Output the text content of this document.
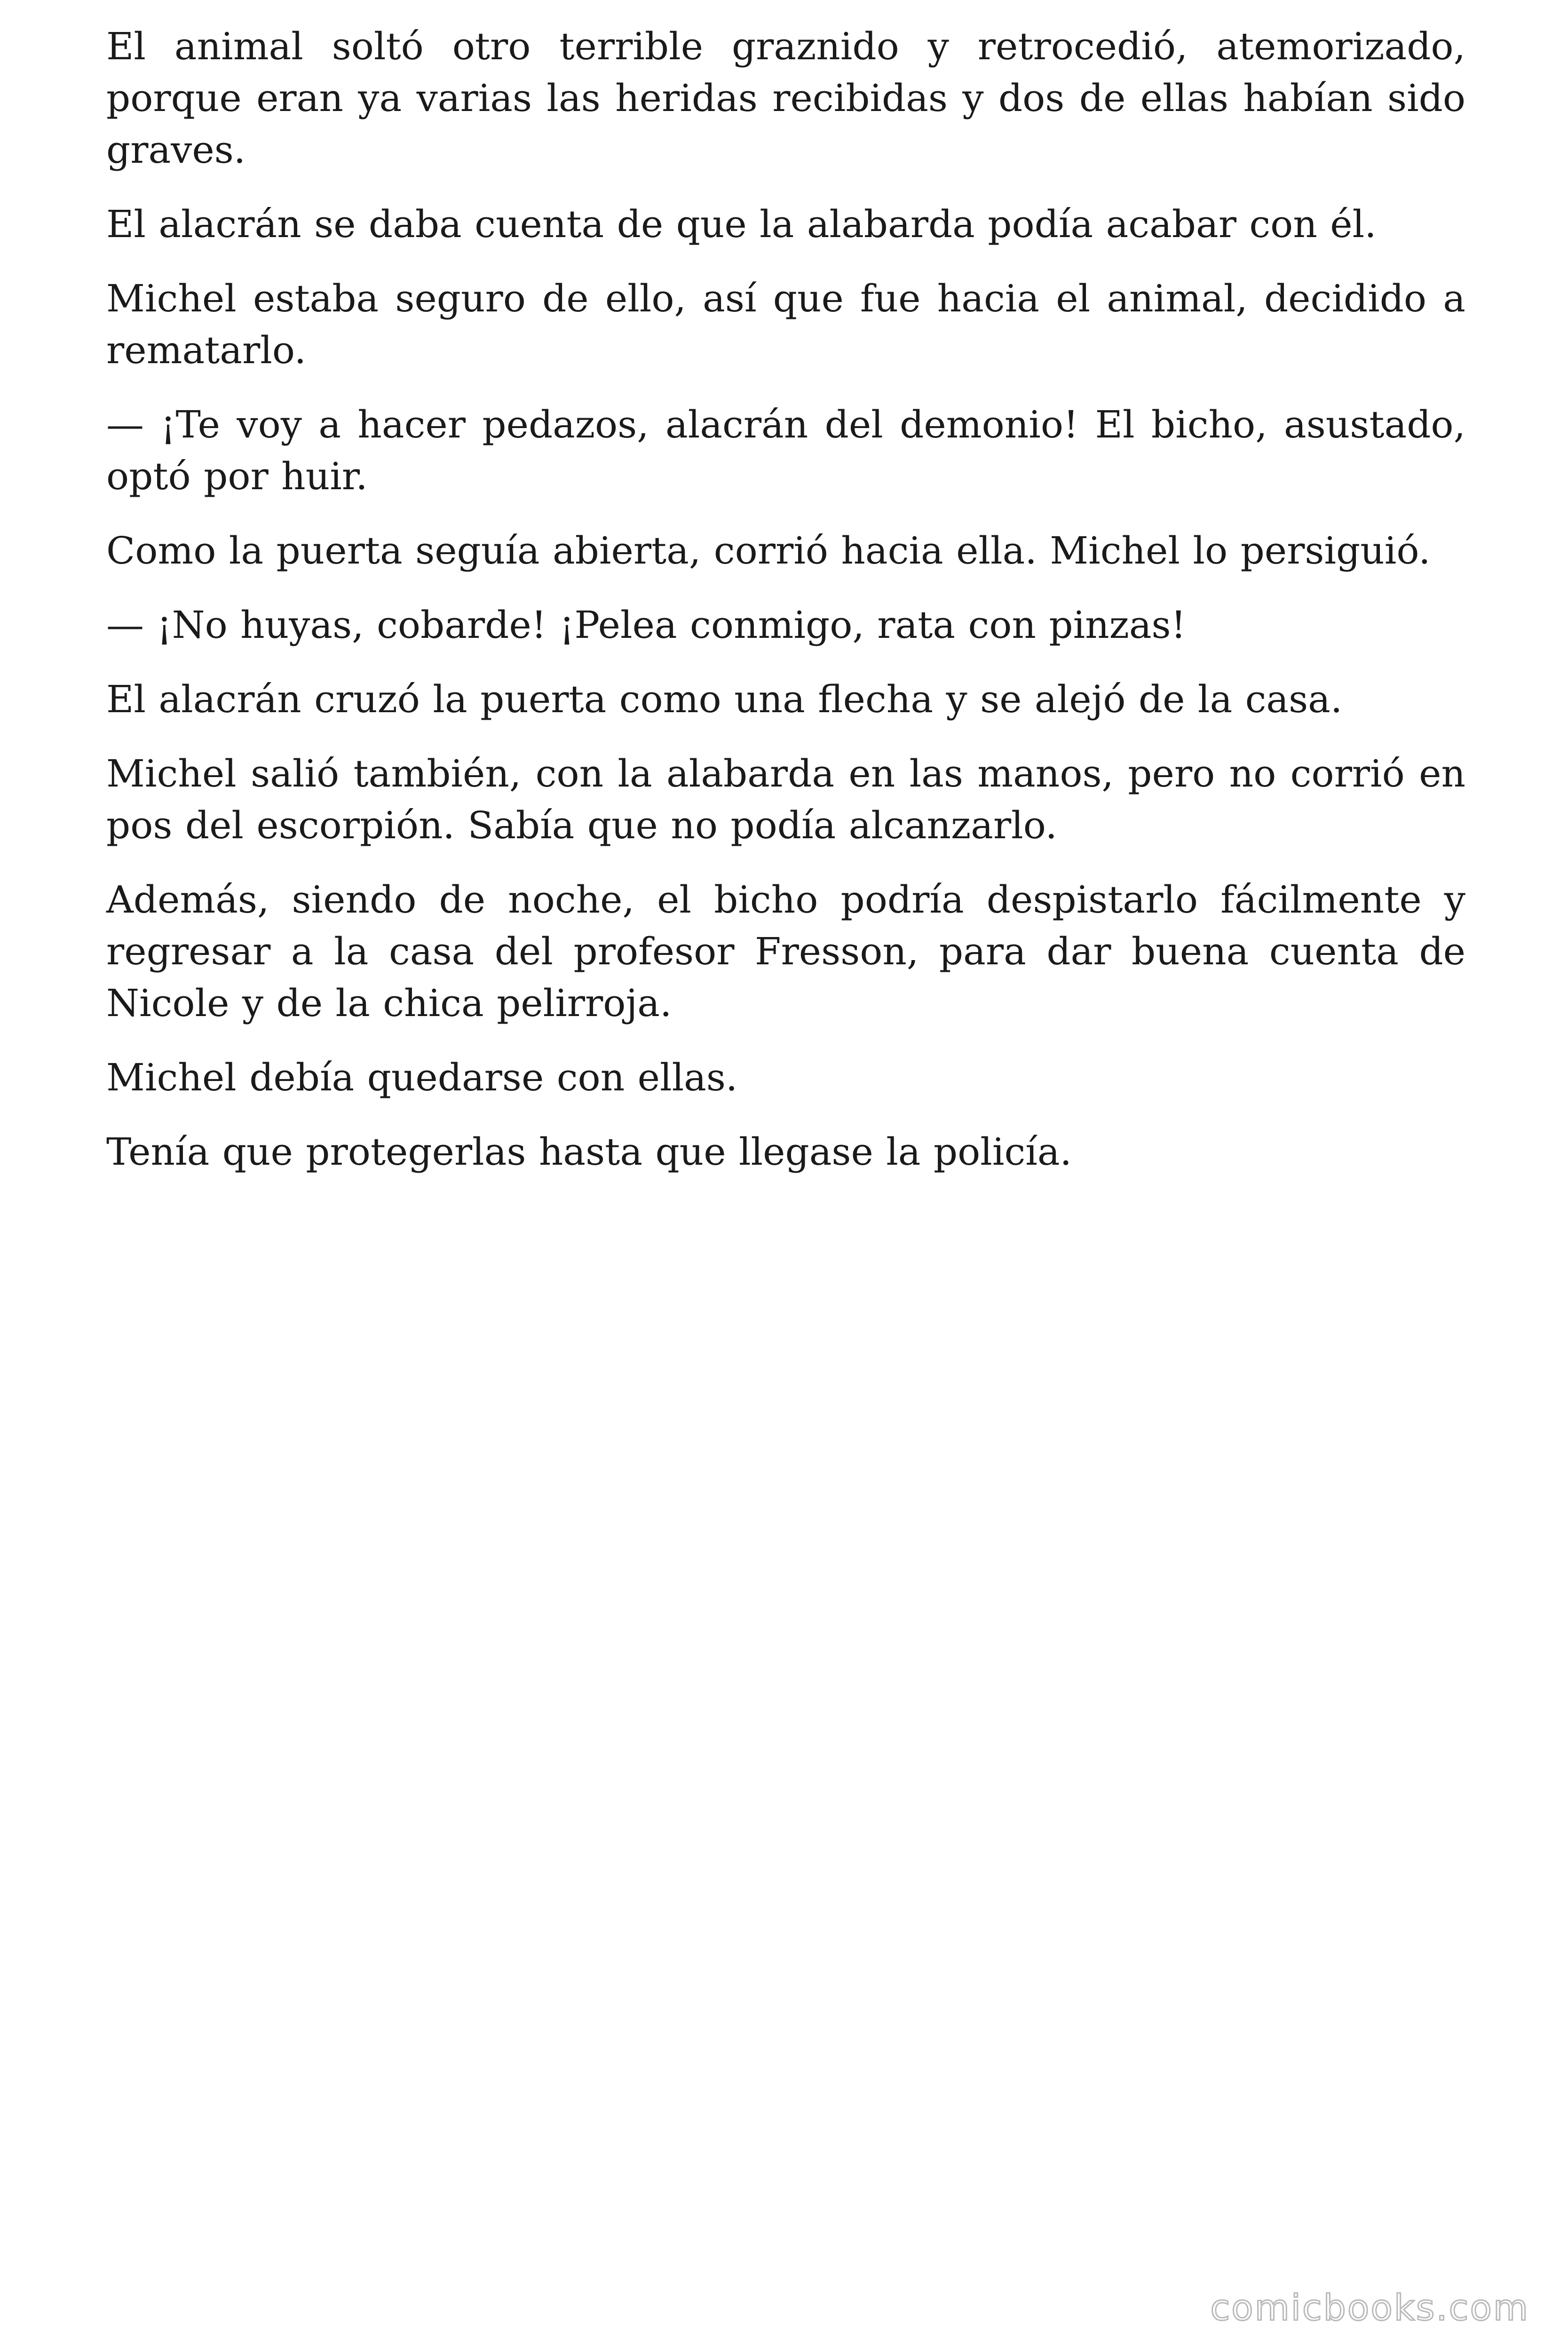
El animal soltó otro terrible graznido y retrocedió, atemorizado, porque eran ya varias las heridas recibidas y dos de ellas habían sido graves.

El alacrán se daba cuenta de que la alabarda podía acabar con él.

Michel estaba seguro de ello, así que fue hacia el animal, decidido a rematarlo.

— ¡Te voy a hacer pedazos, alacrán del demonio! El bicho, asustado, optó por huir.

Como la puerta seguía abierta, corrió hacia ella. Michel lo persiguió.

— ¡No huyas, cobarde! ¡Pelea conmigo, rata con pinzas!

El alacrán cruzó la puerta como una flecha y se alejó de la casa.

Michel salió también, con la alabarda en las manos, pero no corrió en pos del escorpión. Sabía que no podía alcanzarlo.

Además, siendo de noche, el bicho podría despistarlo fácilmente y regresar a la casa del profesor Fresson, para dar buena cuenta de Nicole y de la chica pelirroja.

Michel debía quedarse con ellas.

Tenía que protegerlas hasta que llegase la policía.

comicbooks.com
